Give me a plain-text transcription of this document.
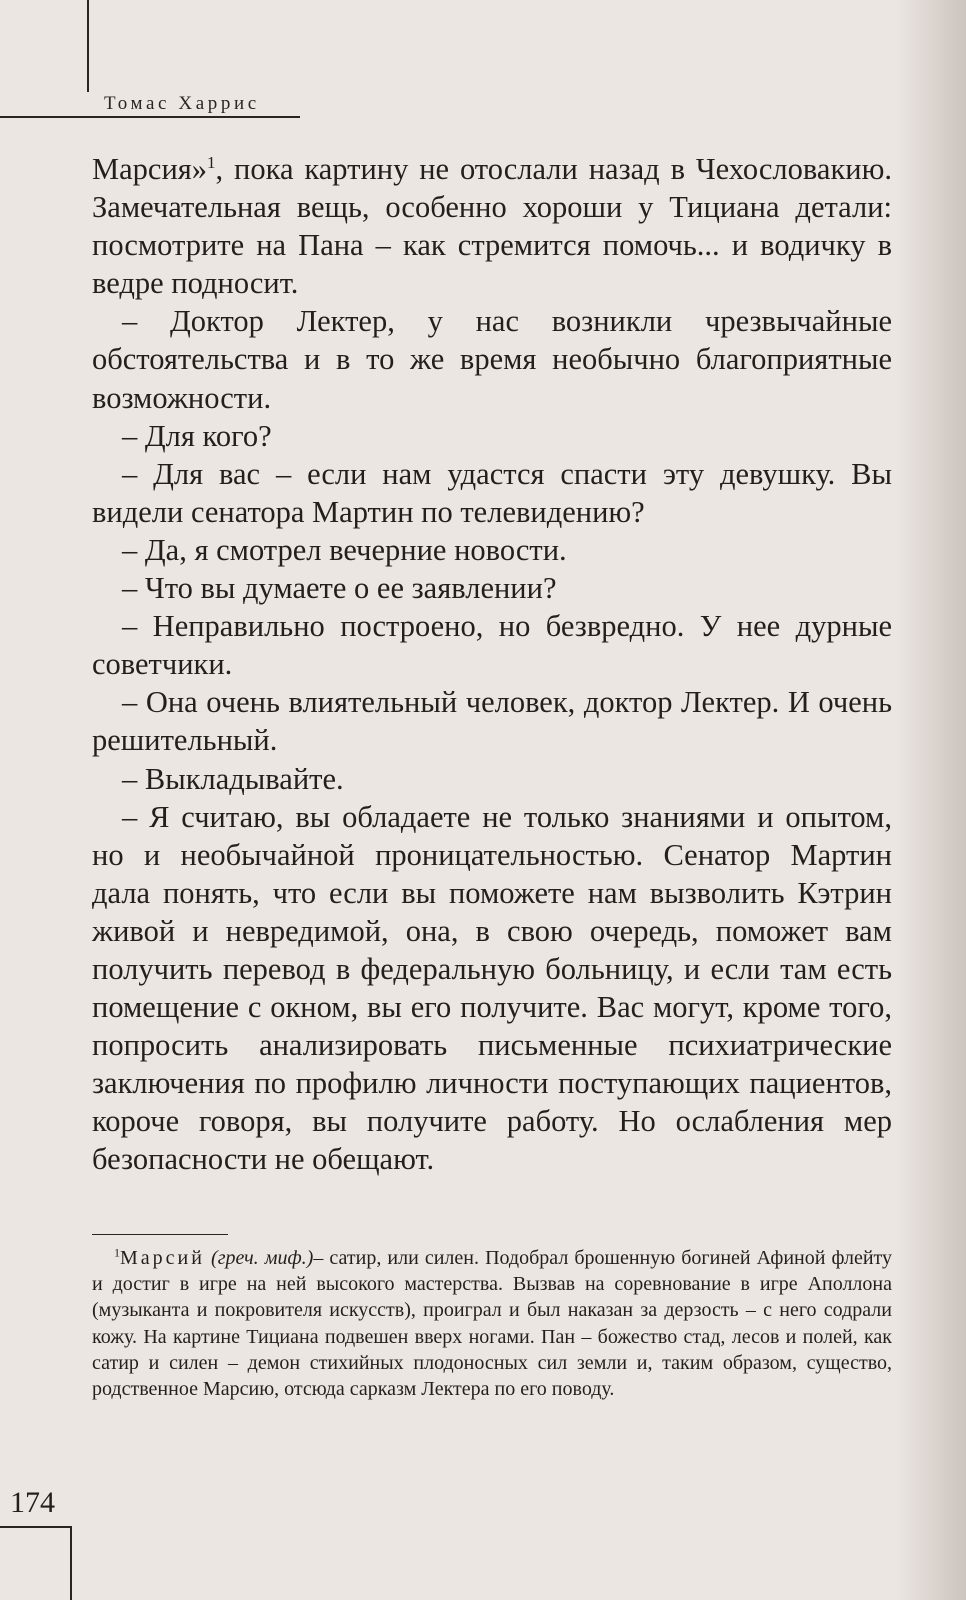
Томас Харрис

Марсия»$^1$, пока картину не отослали назад в Чехословакию. Замечательная вещь, особенно хороши у Тициана детали: посмотрите на Пана – как стремится помочь... и водичку в ведре подносит.

– Доктор Лектер, у нас возникли чрезвычайные обстоятельства и в то же время необычно благоприятные возможности.

– Для кого?

– Для вас – если нам удастся спасти эту девушку. Вы видели сенатора Мартин по телевидению?

– Да, я смотрел вечерние новости.

– Что вы думаете о ее заявлении?

– Неправильно построено, но безвредно. У нее дурные советчики.

– Она очень влиятельный человек, доктор Лектер. И очень решительный.

– Выкладывайте.

– Я считаю, вы обладаете не только знаниями и опытом, но и необычайной проницательностью. Сенатор Мартин дала понять, что если вы поможете нам вызволить Кэтрин живой и невредимой, она, в свою очередь, поможет вам получить перевод в федеральную больницу, и если там есть помещение с окном, вы его получите. Вас могут, кроме того, попросить анализировать письменные психиатрические заключения по профилю личности поступающих пациентов, короче говоря, вы получите работу. Но ослабления мер безопасности не обещают.

$^1$Марсий (греч. миф.)– сатир, или силен. Подобрал брошенную богиней Афиной флейту и достиг в игре на ней высокого мастерства. Вызвав на соревнование в игре Аполлона (музыканта и покровителя искусств), проиграл и был наказан за дерзость – с него содрали кожу. На картине Тициана подвешен вверх ногами. Пан – божество стад, лесов и полей, как сатир и силен – демон стихийных плодоносных сил земли и, таким образом, существо, родственное Марсию, отсюда сарказм Лектера по его поводу.

174
